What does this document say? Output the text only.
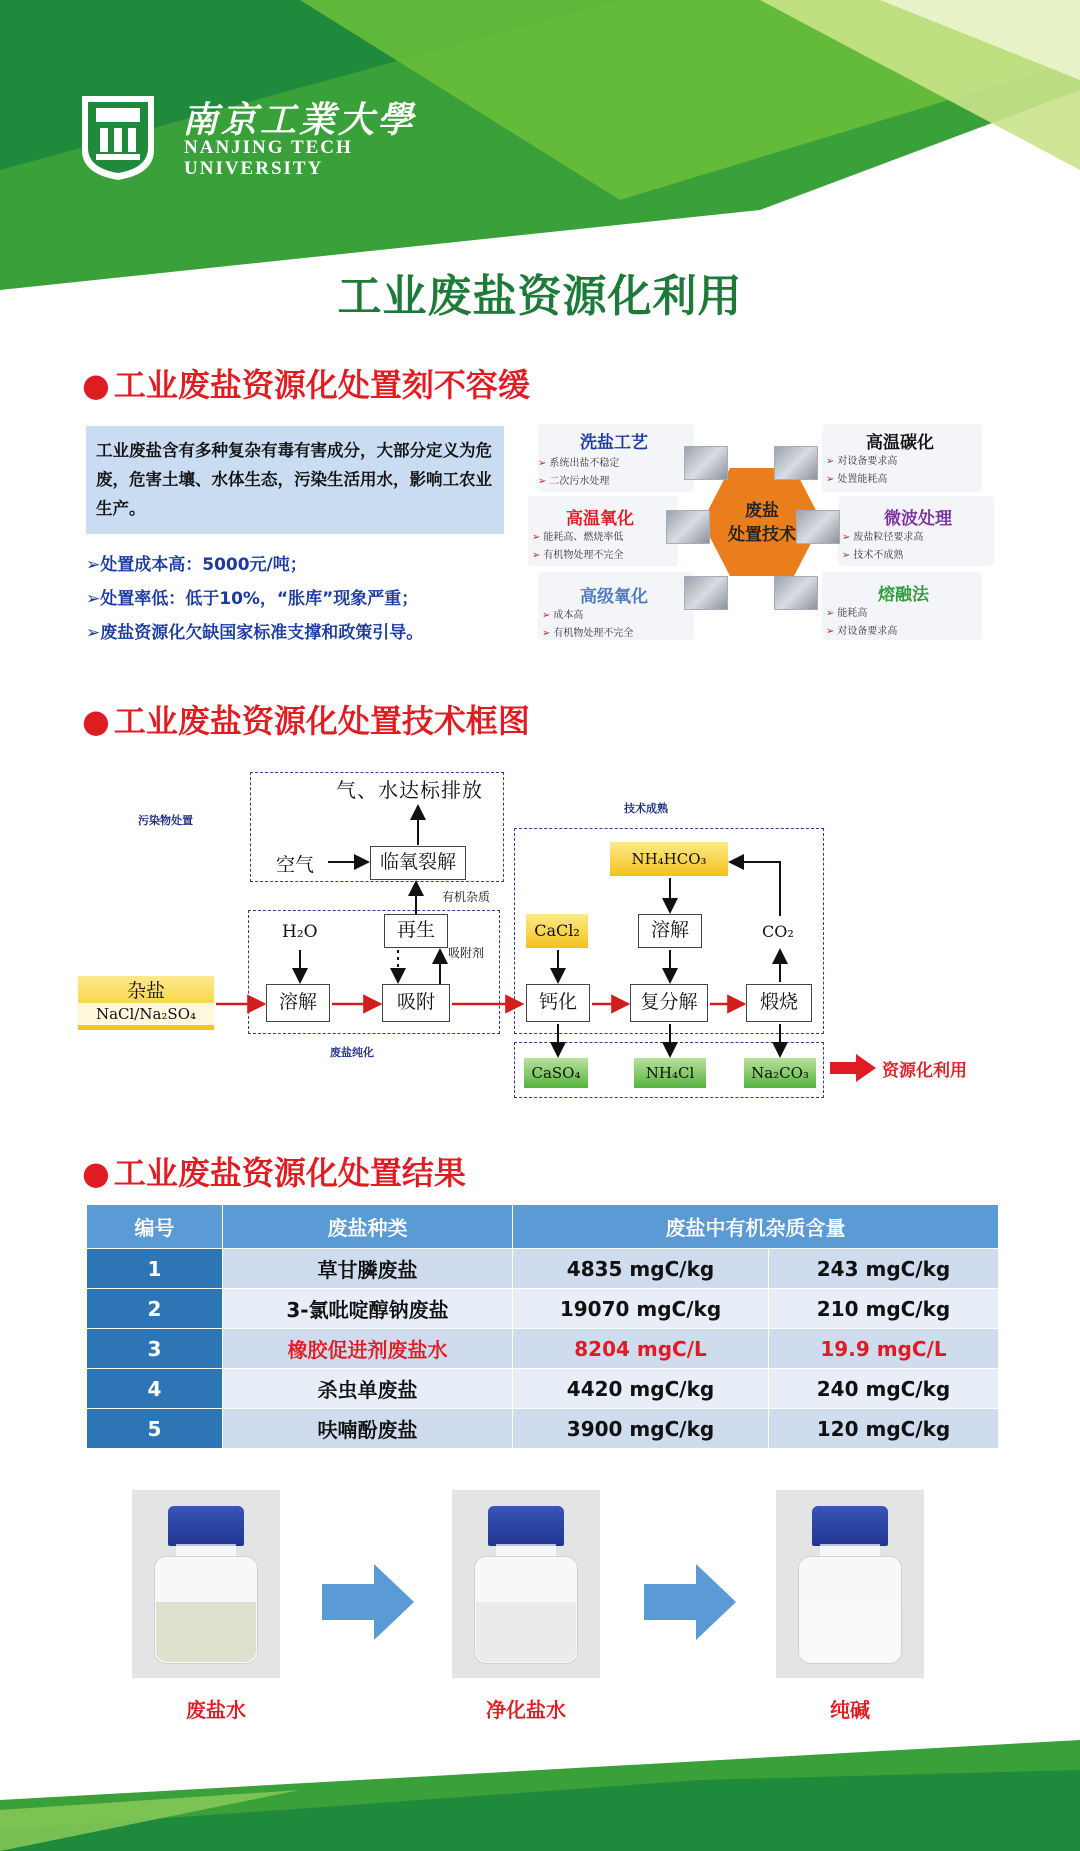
南京工業大學
NANJING TECH
UNIVERSITY
工业废盐资源化利用
● 工业废盐资源化处置刻不容缓
工业废盐含有多种复杂有毒有害成分，大部分定义为危废，危害土壤、水体生态，污染生活用水，影响工农业生产。
➢处置成本高：5000元/吨；
➢处置率低：低于10%，“胀库”现象严重；
➢废盐资源化欠缺国家标准支撑和政策引导。
废盐
处置技术
洗盐工艺	高温碳化
高温氧化	微波处理
高级氧化	熔融法
➢ 系统出盐不稳定
➢ 二次污水处理
➢ 对设备要求高
➢ 处置能耗高
➢ 能耗高、燃烧率低
➢ 有机物处理不完全
➢ 废盐粒径要求高
➢ 技术不成熟
➢ 成本高
➢ 有机物处理不完全
➢ 能耗高
➢ 对设备要求高
● 工业废盐资源化处置技术框图
污染物处置
技术成熟
废盐纯化
气、水达标排放
空气	临氧裂解
有机杂质
H₂O	再生
吸附剂
杂盐
NaCl/Na₂SO₄
溶解	吸附
CaCl₂
NH₄HCO₃
溶解	CO₂
钙化	复分解	煅烧
CaSO₄	NH₄Cl	Na₂CO₃	资源化利用
● 工业废盐资源化处置结果
编号	废盐种类	废盐中有机杂质含量	
1	草甘膦废盐	4835 mgC/kg	243 mgC/kg
2	3-氯吡啶醇钠废盐	19070 mgC/kg	210 mgC/kg
3	橡胶促进剂废盐水	8204 mgC/L	19.9 mgC/L
4	杀虫单废盐	4420 mgC/kg	240 mgC/kg
5	呋喃酚废盐	3900 mgC/kg	120 mgC/kg
废盐水	净化盐水	纯碱
